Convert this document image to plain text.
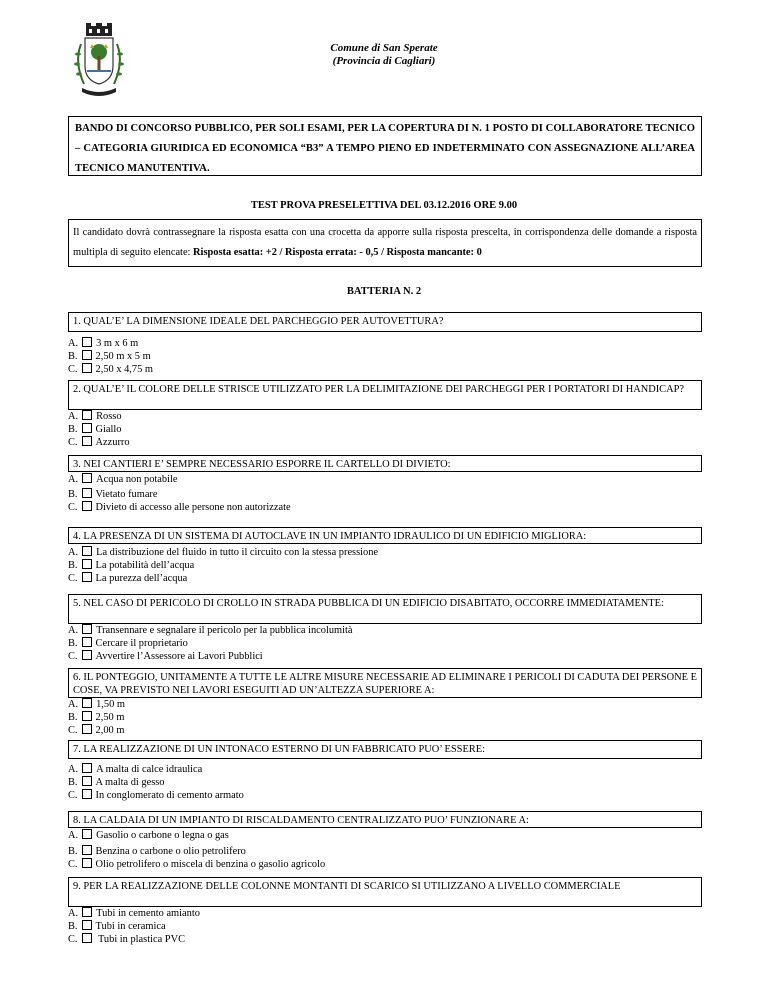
Comune di San Sperate
(Provincia di Cagliari)
BANDO DI CONCORSO PUBBLICO, PER SOLI ESAMI, PER LA COPERTURA DI N. 1 POSTO DI COLLABORATORE TECNICO – CATEGORIA GIURIDICA ED ECONOMICA “B3” A TEMPO PIENO ED INDETERMINATO CON ASSEGNAZIONE ALL’AREA TECNICO MANUTENTIVA.
TEST PROVA PRESELETTIVA DEL 03.12.2016 ORE 9.00
Il candidato dovrà contrassegnare la risposta esatta con una crocetta da apporre sulla risposta prescelta, in corrispondenza delle domande a risposta multipla di seguito elencate: Risposta esatta: +2 / Risposta errata: - 0,5 / Risposta mancante: 0
BATTERIA N. 2
1. QUAL’E’ LA DIMENSIONE IDEALE DEL PARCHEGGIO PER AUTOVETTURA?
A. 3 m x 6 m
B. 2,50 m x 5 m
C. 2,50 x 4,75 m
2. QUAL’E’ IL COLORE DELLE STRISCE UTILIZZATO PER LA DELIMITAZIONE DEI PARCHEGGI PER I PORTATORI DI HANDICAP?
A. Rosso
B. Giallo
C. Azzurro
3. NEI CANTIERI E’ SEMPRE NECESSARIO ESPORRE IL CARTELLO DI DIVIETO:
A. Acqua non potabile
B. Vietato fumare
C. Divieto di accesso alle persone non autorizzate
4. LA PRESENZA DI UN SISTEMA DI AUTOCLAVE IN UN IMPIANTO IDRAULICO DI UN EDIFICIO MIGLIORA:
A. La distribuzione del fluido in tutto il circuito con la stessa pressione
B. La potabilità dell’acqua
C. La purezza dell’acqua
5. NEL CASO DI PERICOLO DI CROLLO IN STRADA PUBBLICA DI UN EDIFICIO DISABITATO, OCCORRE IMMEDIATAMENTE:
A. Transennare e segnalare il pericolo per la pubblica incolumità
B. Cercare il proprietario
C. Avvertire l’Assessore ai Lavori Pubblici
6. IL PONTEGGIO, UNITAMENTE A TUTTE LE ALTRE MISURE NECESSARIE AD ELIMINARE I PERICOLI DI CADUTA DEI PERSONE E COSE, VA PREVISTO NEI LAVORI ESEGUITI AD UN’ALTEZZA SUPERIORE A:
A. 1,50 m
B. 2,50 m
C. 2,00 m
7. LA REALIZZAZIONE DI UN INTONACO ESTERNO DI UN FABBRICATO PUO’ ESSERE:
A. A malta di calce idraulica
B. A malta di gesso
C. In conglomerato di cemento armato
8. LA CALDAIA DI UN IMPIANTO DI RISCALDAMENTO CENTRALIZZATO PUO’ FUNZIONARE A:
A. Gasolio o carbone o legna o gas
B. Benzina o carbone o olio petrolifero
C. Olio petrolifero o miscela di benzina o gasolio agricolo
9. PER LA REALIZZAZIONE DELLE COLONNE MONTANTI DI SCARICO SI UTILIZZANO A LIVELLO COMMERCIALE
A. Tubi in cemento amianto
B. Tubi in ceramica
C. Tubi in plastica PVC
